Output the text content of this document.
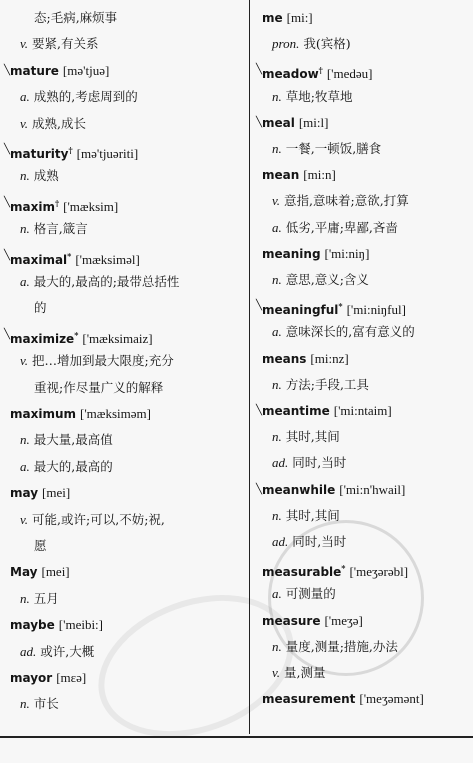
态;毛病,麻烦事
v. 要紧,有关系
╲ mature [mə'tjuə]
a. 成熟的,考虑周到的
v. 成熟,成长
╲ maturity† [mə'tjuəriti]
n. 成熟
╲ maxim† ['mæksim]
n. 格言,箴言
╲ maximal* ['mæksiməl]
a. 最大的,最高的;最带总括性
的
╲ maximize* ['mæksimaiz]
v. 把…增加到最大限度;充分
重视;作尽量广义的解释
maximum ['mæksiməm]
n. 最大量,最高值
a. 最大的,最高的
may [mei]
v. 可能,或许;可以,不妨;祝,
愿
May [mei]
n. 五月
maybe ['meibi:]
ad. 或许,大概
mayor [mɛə]
n. 市长
me [mi:]
pron. 我(宾格)
╲ meadow† ['medəu]
n. 草地;牧草地
╲ meal [mi:l]
n. 一餐,一顿饭,膳食
mean [mi:n]
v. 意指,意味着;意欲,打算
a. 低劣,平庸;卑鄙,吝啬
meaning ['mi:niŋ]
n. 意思,意义;含义
╲ meaningful* ['mi:niŋful]
a. 意味深长的,富有意义的
means [mi:nz]
n. 方法;手段,工具
╲ meantime ['mi:ntaim]
n. 其时,其间
ad. 同时,当时
╲ meanwhile ['mi:n'hwail]
n. 其时,其间
ad. 同时,当时
measurable* ['meʒərəbl]
a. 可测量的
measure ['meʒə]
n. 量度,测量;措施,办法
v. 量,测量
measurement ['meʒəmənt]
